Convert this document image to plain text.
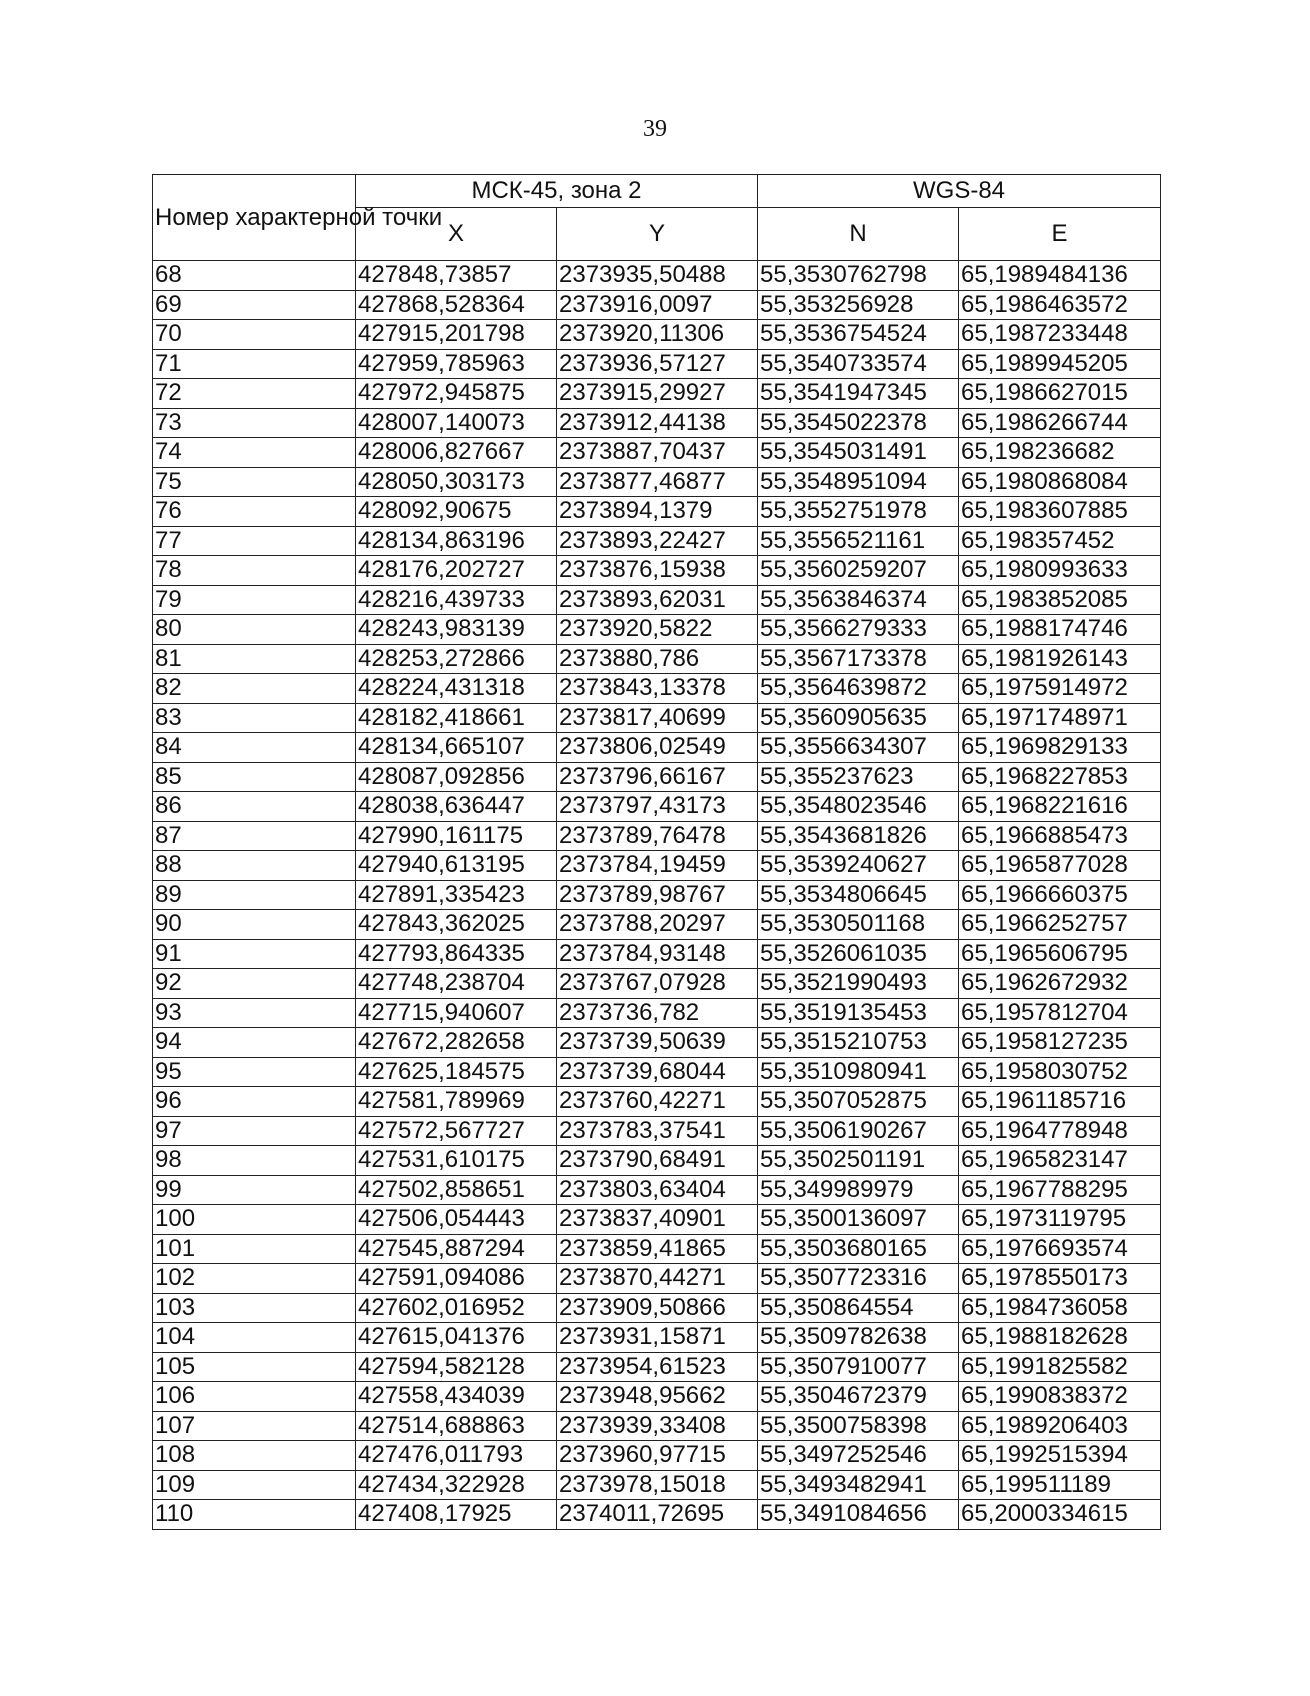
39
Номер характерной точки	МСК-45, зона 2		WGS-84	
	X	Y	N	E
68	427848,73857	2373935,50488	55,3530762798	65,1989484136
69	427868,528364	2373916,0097	55,353256928	65,1986463572
70	427915,201798	2373920,11306	55,3536754524	65,1987233448
71	427959,785963	2373936,57127	55,3540733574	65,1989945205
72	427972,945875	2373915,29927	55,3541947345	65,1986627015
73	428007,140073	2373912,44138	55,3545022378	65,1986266744
74	428006,827667	2373887,70437	55,3545031491	65,198236682
75	428050,303173	2373877,46877	55,3548951094	65,1980868084
76	428092,90675	2373894,1379	55,3552751978	65,1983607885
77	428134,863196	2373893,22427	55,3556521161	65,198357452
78	428176,202727	2373876,15938	55,3560259207	65,1980993633
79	428216,439733	2373893,62031	55,3563846374	65,1983852085
80	428243,983139	2373920,5822	55,3566279333	65,1988174746
81	428253,272866	2373880,786	55,3567173378	65,1981926143
82	428224,431318	2373843,13378	55,3564639872	65,1975914972
83	428182,418661	2373817,40699	55,3560905635	65,1971748971
84	428134,665107	2373806,02549	55,3556634307	65,1969829133
85	428087,092856	2373796,66167	55,355237623	65,1968227853
86	428038,636447	2373797,43173	55,3548023546	65,1968221616
87	427990,161175	2373789,76478	55,3543681826	65,1966885473
88	427940,613195	2373784,19459	55,3539240627	65,1965877028
89	427891,335423	2373789,98767	55,3534806645	65,1966660375
90	427843,362025	2373788,20297	55,3530501168	65,1966252757
91	427793,864335	2373784,93148	55,3526061035	65,1965606795
92	427748,238704	2373767,07928	55,3521990493	65,1962672932
93	427715,940607	2373736,782	55,3519135453	65,1957812704
94	427672,282658	2373739,50639	55,3515210753	65,1958127235
95	427625,184575	2373739,68044	55,3510980941	65,1958030752
96	427581,789969	2373760,42271	55,3507052875	65,1961185716
97	427572,567727	2373783,37541	55,3506190267	65,1964778948
98	427531,610175	2373790,68491	55,3502501191	65,1965823147
99	427502,858651	2373803,63404	55,349989979	65,1967788295
100	427506,054443	2373837,40901	55,3500136097	65,1973119795
101	427545,887294	2373859,41865	55,3503680165	65,1976693574
102	427591,094086	2373870,44271	55,3507723316	65,1978550173
103	427602,016952	2373909,50866	55,350864554	65,1984736058
104	427615,041376	2373931,15871	55,3509782638	65,1988182628
105	427594,582128	2373954,61523	55,3507910077	65,1991825582
106	427558,434039	2373948,95662	55,3504672379	65,1990838372
107	427514,688863	2373939,33408	55,3500758398	65,1989206403
108	427476,011793	2373960,97715	55,3497252546	65,1992515394
109	427434,322928	2373978,15018	55,3493482941	65,199511189
110	427408,17925	2374011,72695	55,3491084656	65,2000334615
